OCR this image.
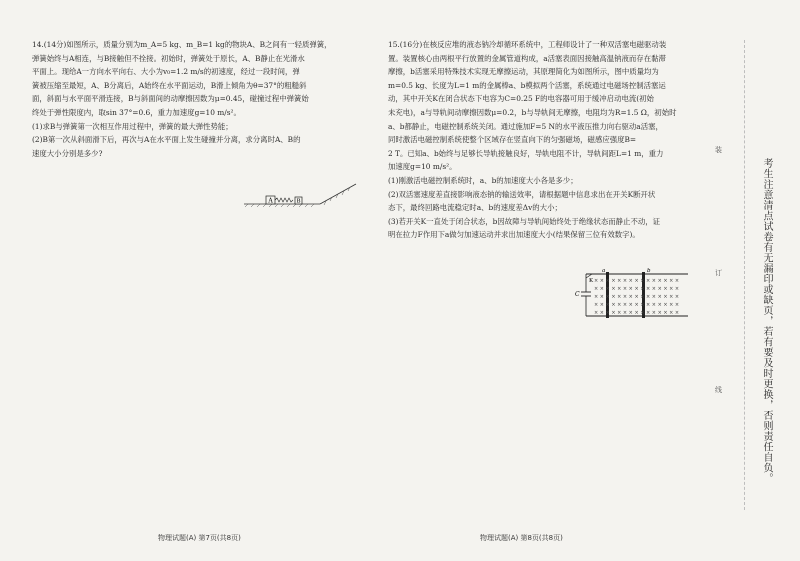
14.(14分)如图所示，质量分别为m_A=5 kg、m_B=1 kg的物块A、B之间有一轻质弹簧，

弹簧始终与A相连，与B接触但不拴接。初始时，弹簧处于原长，A、B静止在光滑水

平面上。现给A一方向水平向右、大小为v₀=1.2 m/s的初速度，经过一段时间，弹

簧被压缩至最短，A、B分离后，A始终在水平面运动，B滑上倾角为θ=37°的粗糙斜

面，斜面与水平面平滑连接，B与斜面间的动摩擦因数为μ=0.45，碰撞过程中弹簧始

终处于弹性限度内，取sin 37°=0.6，重力加速度g=10 m/s²。

(1)求B与弹簧第一次相互作用过程中，弹簧的最大弹性势能；

(2)B第一次从斜面滑下后，再次与A在水平面上发生碰撞并分离，求分离时A、B的

速度大小分别是多少?

A	B

15.(16分)在核反应堆的液态钠冷却循环系统中，工程师设计了一种双活塞电磁驱动装

置。装置核心由两根平行放置的金属管道构成，a活塞表面因接触高温钠液而存在黏滞

摩擦，b活塞采用特殊技术实现无摩擦运动，其原理简化为如图所示，图中质量均为

m=0.5 kg、长度为L=1 m的金属棒a、b模拟两个活塞，系统通过电磁场控制活塞运

动，其中开关K在闭合状态下电容为C=0.25 F的电容器可用于缓冲启动电流(初始

未充电)，a与导轨间动摩擦因数μ=0.2，b与导轨间无摩擦，电阻均为R=1.5 Ω，初始时

a、b都静止，电磁控制系统关闭。通过施加F=5 N的水平液压推力向右驱动a活塞，

同时激活电磁控制系统使整个区域存在竖直向下的匀强磁场，磁感应强度B=

2 T。已知a、b始终与足够长导轨接触良好，导轨电阻不计，导轨间距L=1 m，重力

加速度g=10 m/s²。

(1)刚激活电磁控制系统时，a、b的加速度大小各是多少；

(2)双活塞速度差直接影响液态钠的输送效率，请根据题中信息求出在开关K断开状

态下，最终回路电流稳定时a、b的速度差Δv的大小；

(3)若开关K一直处于闭合状态，b因故障与导轨间始终处于绝缘状态而静止不动，证

明在拉力F作用下a做匀加速运动并求出加速度大小(结果保留三位有效数字)。

C
K
a	b
× × × × × × × × × × × × × × ×
× × × × × × × × × × × × × × ×
× × × × × × × × × × × × × × ×
× × × × × × × × × × × × × × ×
× × × × × × × × × × × × × × ×
装
订
线	考生注意清点试卷有无漏印或缺页，若有要及时更换，否则责任自负。
物理试题(A) 第7页(共8页)	物理试题(A) 第8页(共8页)
